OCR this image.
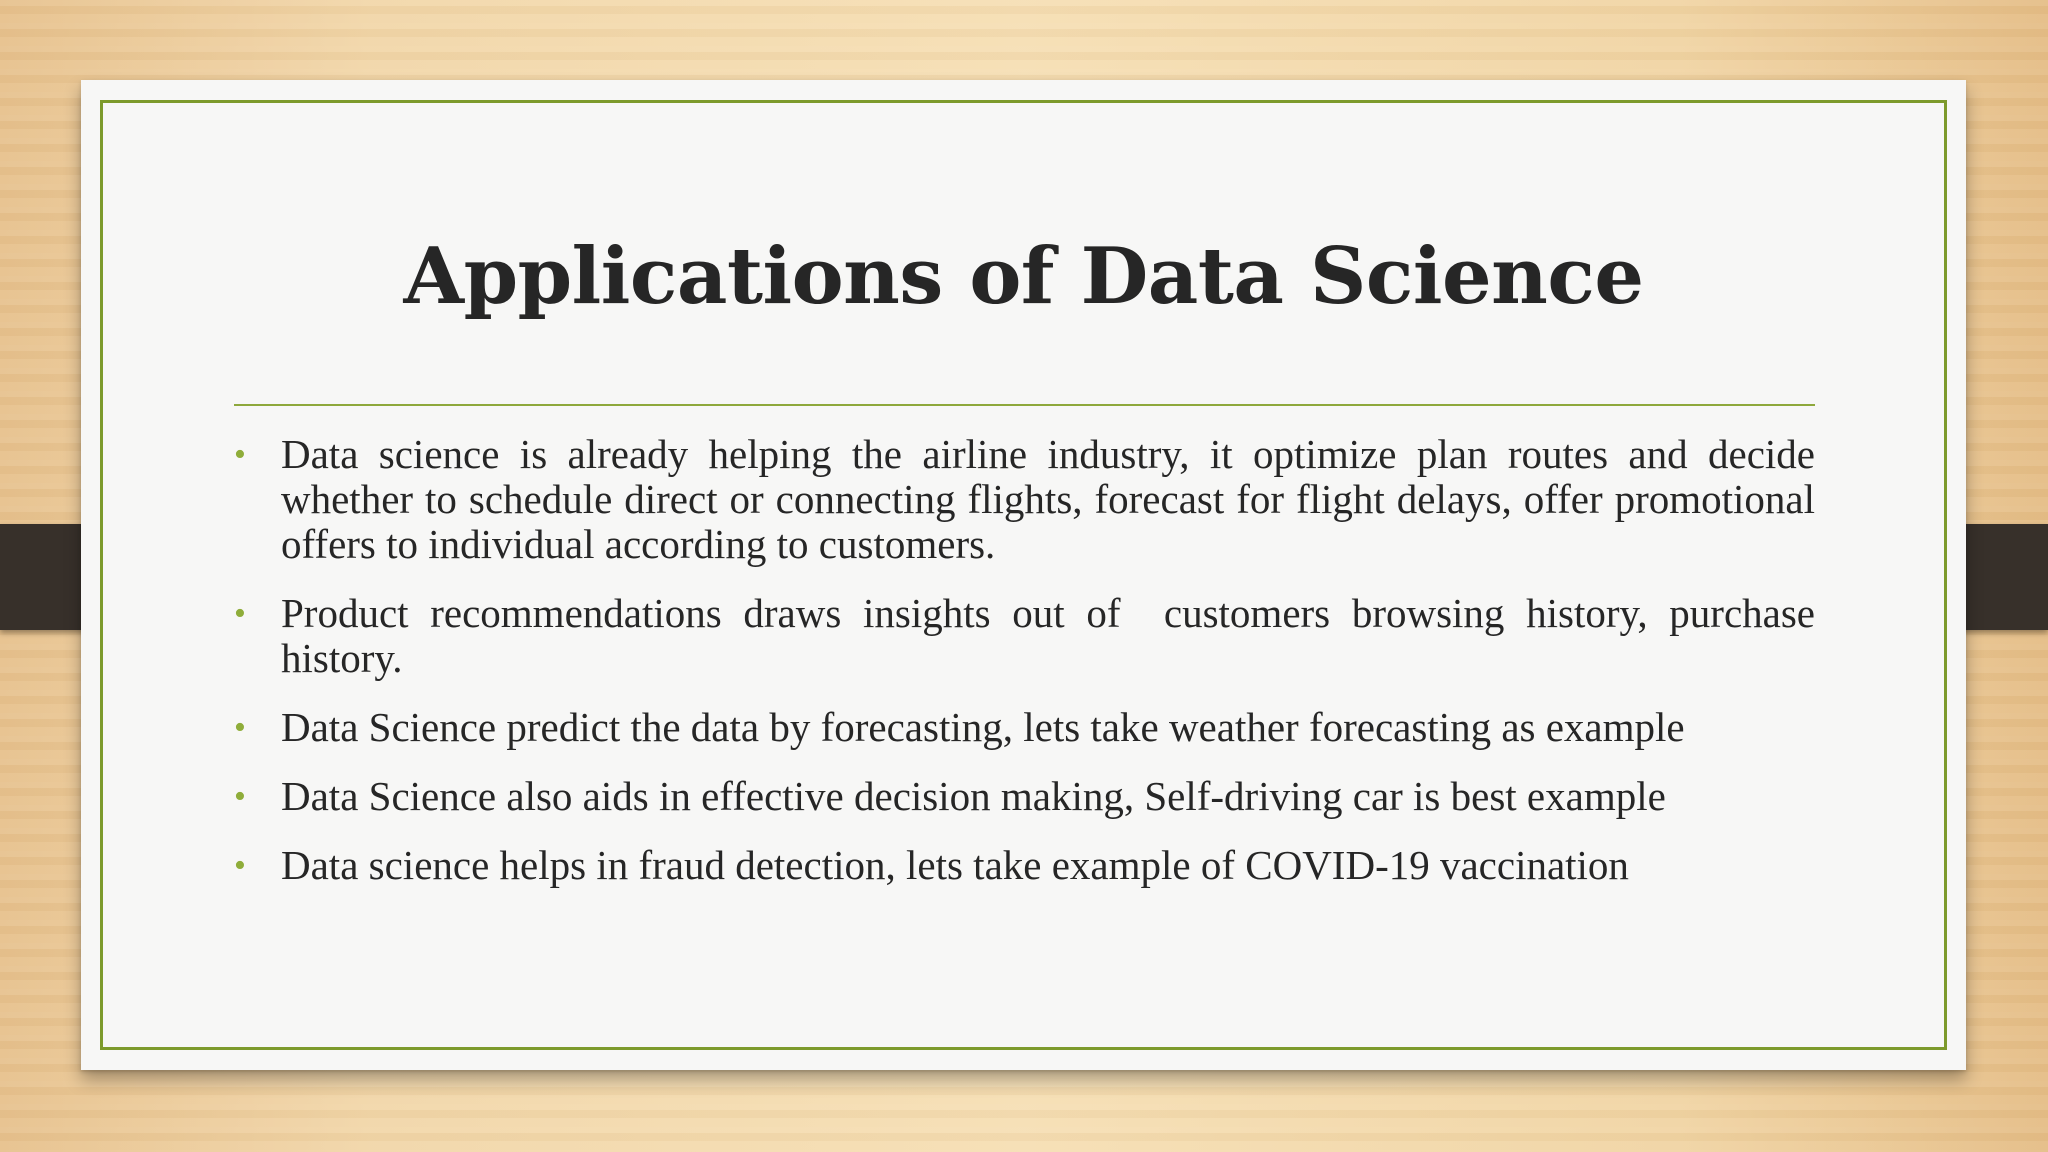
Applications of Data Science
• Data science is already helping the airline industry, it optimize plan routes and decide whether to schedule direct or connecting flights, forecast for flight delays, offer promotional offers to individual according to customers.
• Product recommendations draws insights out of  customers browsing history, purchase history.
• Data Science predict the data by forecasting, lets take weather forecasting as example
• Data Science also aids in effective decision making, Self-driving car is best example
• Data science helps in fraud detection, lets take example of COVID-19 vaccination
